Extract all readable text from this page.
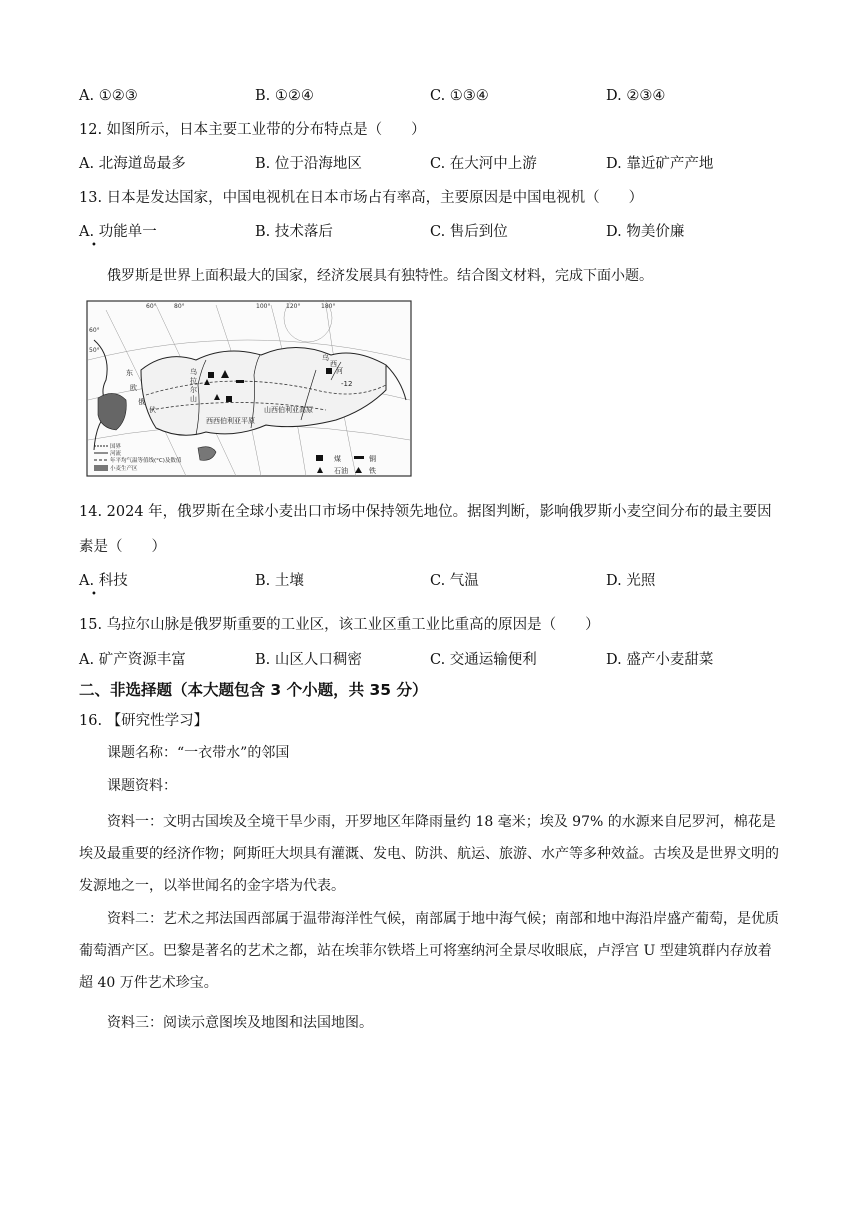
A. ①②③	B. ①②④	C. ①③④	D. ②③④
12. 如图所示，日本主要工业带的分布特点是（　　）
A. 北海道岛最多	B. 位于沿海地区	C. 在大河中上游	D. 靠近矿产产地
13. 日本是发达国家，中国电视机在日本市场占有率高，主要原因是中国电视机（　　）
A. 功能单一	B. 技术落后	C. 售后到位	D. 物美价廉
•
俄罗斯是世界上面积最大的国家，经济发展具有独特性。结合图文材料，完成下面小题。
60°	80°	100°	120°	180°
60°
50°
西西伯利亚平原
山西伯利亚高原
东
欧
俄
伏
乌
拉
尔
山
乌
西
河
-12
国界
河流
年平均气温等值线(°C)及数值
小麦生产区
煤	铜
石油	铁
14. 2024 年，俄罗斯在全球小麦出口市场中保持领先地位。据图判断，影响俄罗斯小麦空间分布的最主要因
素是（　　）
A. 科技	B. 土壤	C. 气温	D. 光照
•
15. 乌拉尔山脉是俄罗斯重要的工业区，该工业区重工业比重高的原因是（　　）
A. 矿产资源丰富	B. 山区人口稠密	C. 交通运输便利	D. 盛产小麦甜菜
二、非选择题（本大题包含 3 个小题，共 35 分）
16. 【研究性学习】
课题名称：“一衣带水”的邻国
课题资料：
资料一：文明古国埃及全境干旱少雨，开罗地区年降雨量约 18 毫米；埃及 97% 的水源来自尼罗河，棉花是埃及最重要的经济作物；阿斯旺大坝具有灌溉、发电、防洪、航运、旅游、水产等多种效益。古埃及是世界文明的发源地之一，以举世闻名的金字塔为代表。
资料二：艺术之邦法国西部属于温带海洋性气候，南部属于地中海气候；南部和地中海沿岸盛产葡萄，是优质葡萄酒产区。巴黎是著名的艺术之都，站在埃菲尔铁塔上可将塞纳河全景尽收眼底，卢浮宫 U 型建筑群内存放着超 40 万件艺术珍宝。
资料三：阅读示意图埃及地图和法国地图。
